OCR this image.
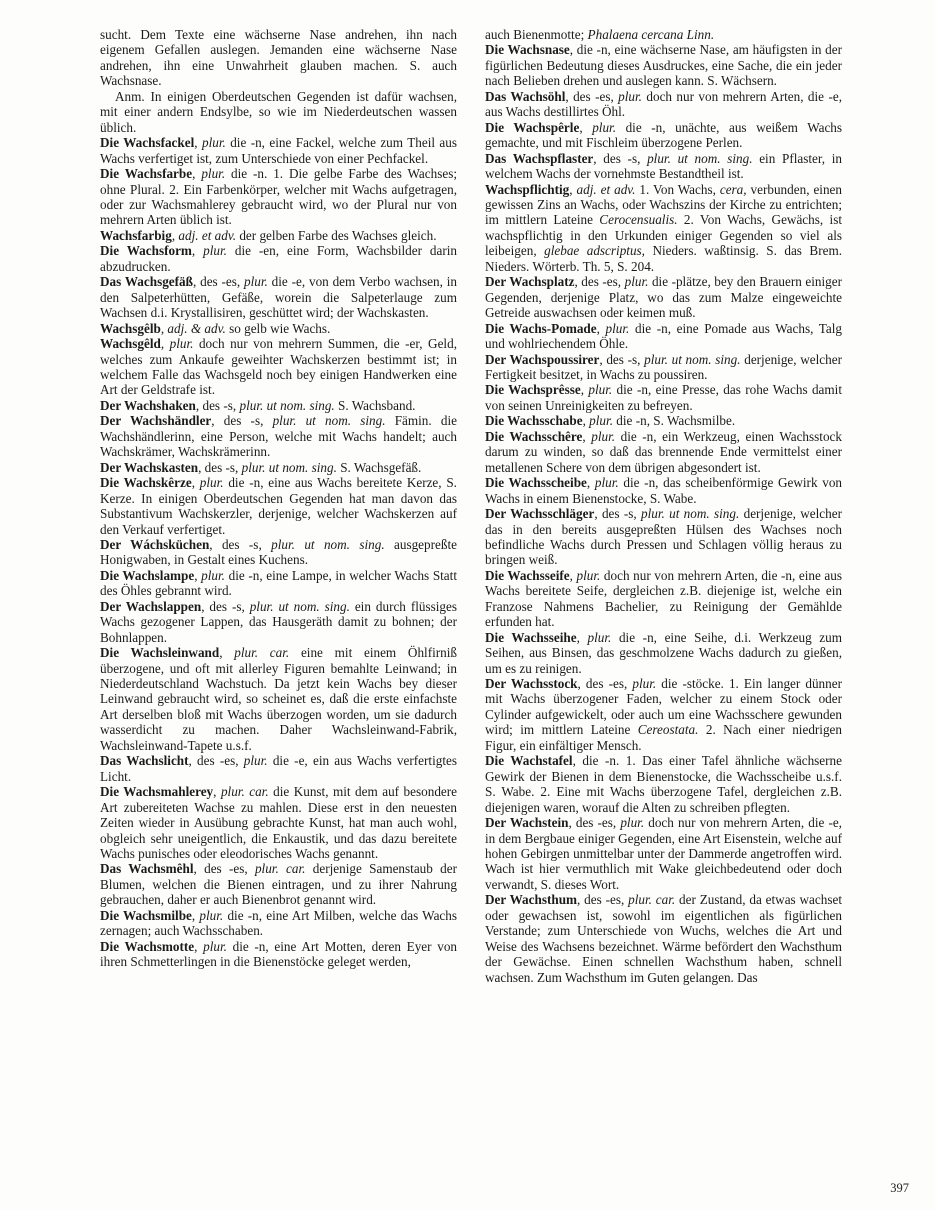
sucht. Dem Texte eine wächserne Nase andrehen, ihn nach eigenem Gefallen auslegen. Jemanden eine wächserne Nase andrehen, ihn eine Unwahrheit glauben machen. S. auch Wachsnase.

Anm. In einigen Oberdeutschen Gegenden ist dafür wachsen, mit einer andern Endsylbe, so wie im Niederdeutschen wassen üblich.

Die Wachsfackel, plur. die -n, eine Fackel, welche zum Theil aus Wachs verfertiget ist, zum Unterschiede von einer Pechfackel.

Die Wachsfarbe, plur. die -n. 1. Die gelbe Farbe des Wachses; ohne Plural. 2. Ein Farbenkörper, welcher mit Wachs aufgetragen, oder zur Wachsmahlerey gebraucht wird, wo der Plural nur von mehrern Arten üblich ist.

Wachsfarbig, adj. et adv. der gelben Farbe des Wachses gleich.

Die Wachsform, plur. die -en, eine Form, Wachsbilder darin abzudrucken.

Das Wachsgefäß, des -es, plur. die -e, von dem Verbo wachsen, in den Salpeterhütten, Gefäße, worein die Salpeterlauge zum Wachsen d.i. Krystallisiren, geschüttet wird; der Wachskasten.

Wachsgêlb, adj. & adv. so gelb wie Wachs.

Wachsgêld, plur. doch nur von mehrern Summen, die -er, Geld, welches zum Ankaufe geweihter Wachskerzen bestimmt ist; in welchem Falle das Wachsgeld noch bey einigen Handwerken eine Art der Geldstrafe ist.

Der Wachshaken, des -s, plur. ut nom. sing. S. Wachsband.

Der Wachshändler, des -s, plur. ut nom. sing. Fämin. die Wachshändlerinn, eine Person, welche mit Wachs handelt; auch Wachskrämer, Wachskrämerinn.

Der Wachskasten, des -s, plur. ut nom. sing. S. Wachsgefäß.

Die Wachskêrze, plur. die -n, eine aus Wachs bereitete Kerze, S. Kerze. In einigen Oberdeutschen Gegenden hat man davon das Substantivum Wachskerzler, derjenige, welcher Wachskerzen auf den Verkauf verfertiget.

Der Wáchsküchen, des -s, plur. ut nom. sing. ausgepreßte Honigwaben, in Gestalt eines Kuchens.

Die Wachslampe, plur. die -n, eine Lampe, in welcher Wachs Statt des Öhles gebrannt wird.

Der Wachslappen, des -s, plur. ut nom. sing. ein durch flüssiges Wachs gezogener Lappen, das Hausgeräth damit zu bohnen; der Bohnlappen.

Die Wachsleinwand, plur. car. eine mit einem Öhlfirniß überzogene, und oft mit allerley Figuren bemahlte Leinwand; in Niederdeutschland Wachstuch. Da jetzt kein Wachs bey dieser Leinwand gebraucht wird, so scheinet es, daß die erste einfachste Art derselben bloß mit Wachs überzogen worden, um sie dadurch wasserdicht zu machen. Daher Wachsleinwand-Fabrik, Wachsleinwand-Tapete u.s.f.

Das Wachslicht, des -es, plur. die -e, ein aus Wachs verfertigtes Licht.

Die Wachsmahlerey, plur. car. die Kunst, mit dem auf besondere Art zubereiteten Wachse zu mahlen. Diese erst in den neuesten Zeiten wieder in Ausübung gebrachte Kunst, hat man auch wohl, obgleich sehr uneigentlich, die Enkaustik, und das dazu bereitete Wachs punisches oder eleodorisches Wachs genannt.

Das Wachsmêhl, des -es, plur. car. derjenige Samenstaub der Blumen, welchen die Bienen eintragen, und zu ihrer Nahrung gebrauchen, daher er auch Bienenbrot genannt wird.

Die Wachsmilbe, plur. die -n, eine Art Milben, welche das Wachs zernagen; auch Wachsschaben.

Die Wachsmotte, plur. die -n, eine Art Motten, deren Eyer von ihren Schmetterlingen in die Bienenstöcke geleget werden,

auch Bienenmotte; Phalaena cercana Linn.

Die Wachsnase, die -n, eine wächserne Nase, am häufigsten in der figürlichen Bedeutung dieses Ausdruckes, eine Sache, die ein jeder nach Belieben drehen und auslegen kann. S. Wächsern.

Das Wachsöhl, des -es, plur. doch nur von mehrern Arten, die -e, aus Wachs destillirtes Öhl.

Die Wachspêrle, plur. die -n, unächte, aus weißem Wachs gemachte, und mit Fischleim überzogene Perlen.

Das Wachspflaster, des -s, plur. ut nom. sing. ein Pflaster, in welchem Wachs der vornehmste Bestandtheil ist.

Wachspflichtig, adj. et adv. 1. Von Wachs, cera, verbunden, einen gewissen Zins an Wachs, oder Wachszins der Kirche zu entrichten; im mittlern Lateine Cerocensualis. 2. Von Wachs, Gewächs, ist wachspflichtig in den Urkunden einiger Gegenden so viel als leibeigen, glebae adscriptus, Nieders. waßtinsig. S. das Brem. Nieders. Wörterb. Th. 5, S. 204.

Der Wachsplatz, des -es, plur. die -plätze, bey den Brauern einiger Gegenden, derjenige Platz, wo das zum Malze eingeweichte Getreide auswachsen oder keimen muß.

Die Wachs-Pomade, plur. die -n, eine Pomade aus Wachs, Talg und wohlriechendem Öhle.

Der Wachspoussirer, des -s, plur. ut nom. sing. derjenige, welcher Fertigkeit besitzet, in Wachs zu poussiren.

Die Wachsprêsse, plur. die -n, eine Presse, das rohe Wachs damit von seinen Unreinigkeiten zu befreyen.

Die Wachsschabe, plur. die -n, S. Wachsmilbe.

Die Wachsschêre, plur. die -n, ein Werkzeug, einen Wachsstock darum zu winden, so daß das brennende Ende vermittelst einer metallenen Schere von dem übrigen abgesondert ist.

Die Wachsscheibe, plur. die -n, das scheibenförmige Gewirk von Wachs in einem Bienenstocke, S. Wabe.

Der Wachsschläger, des -s, plur. ut nom. sing. derjenige, welcher das in den bereits ausgepreßten Hülsen des Wachses noch befindliche Wachs durch Pressen und Schlagen völlig heraus zu bringen weiß.

Die Wachsseife, plur. doch nur von mehrern Arten, die -n, eine aus Wachs bereitete Seife, dergleichen z.B. diejenige ist, welche ein Franzose Nahmens Bachelier, zu Reinigung der Gemählde erfunden hat.

Die Wachsseihe, plur. die -n, eine Seihe, d.i. Werkzeug zum Seihen, aus Binsen, das geschmolzene Wachs dadurch zu gießen, um es zu reinigen.

Der Wachsstock, des -es, plur. die -stöcke. 1. Ein langer dünner mit Wachs überzogener Faden, welcher zu einem Stock oder Cylinder aufgewickelt, oder auch um eine Wachsschere gewunden wird; im mittlern Lateine Cereostata. 2. Nach einer niedrigen Figur, ein einfältiger Mensch.

Die Wachstafel, die -n. 1. Das einer Tafel ähnliche wächserne Gewirk der Bienen in dem Bienenstocke, die Wachsscheibe u.s.f. S. Wabe. 2. Eine mit Wachs überzogene Tafel, dergleichen z.B. diejenigen waren, worauf die Alten zu schreiben pflegten.

Der Wachstein, des -es, plur. doch nur von mehrern Arten, die -e, in dem Bergbaue einiger Gegenden, eine Art Eisenstein, welche auf hohen Gebirgen unmittelbar unter der Dammerde angetroffen wird. Wach ist hier vermuthlich mit Wake gleichbedeutend oder doch verwandt, S. dieses Wort.

Der Wachsthum, des -es, plur. car. der Zustand, da etwas wachset oder gewachsen ist, sowohl im eigentlichen als figürlichen Verstande; zum Unterschiede von Wuchs, welches die Art und Weise des Wachsens bezeichnet. Wärme befördert den Wachsthum der Gewächse. Einen schnellen Wachsthum haben, schnell wachsen. Zum Wachsthum im Guten gelangen. Das

397
